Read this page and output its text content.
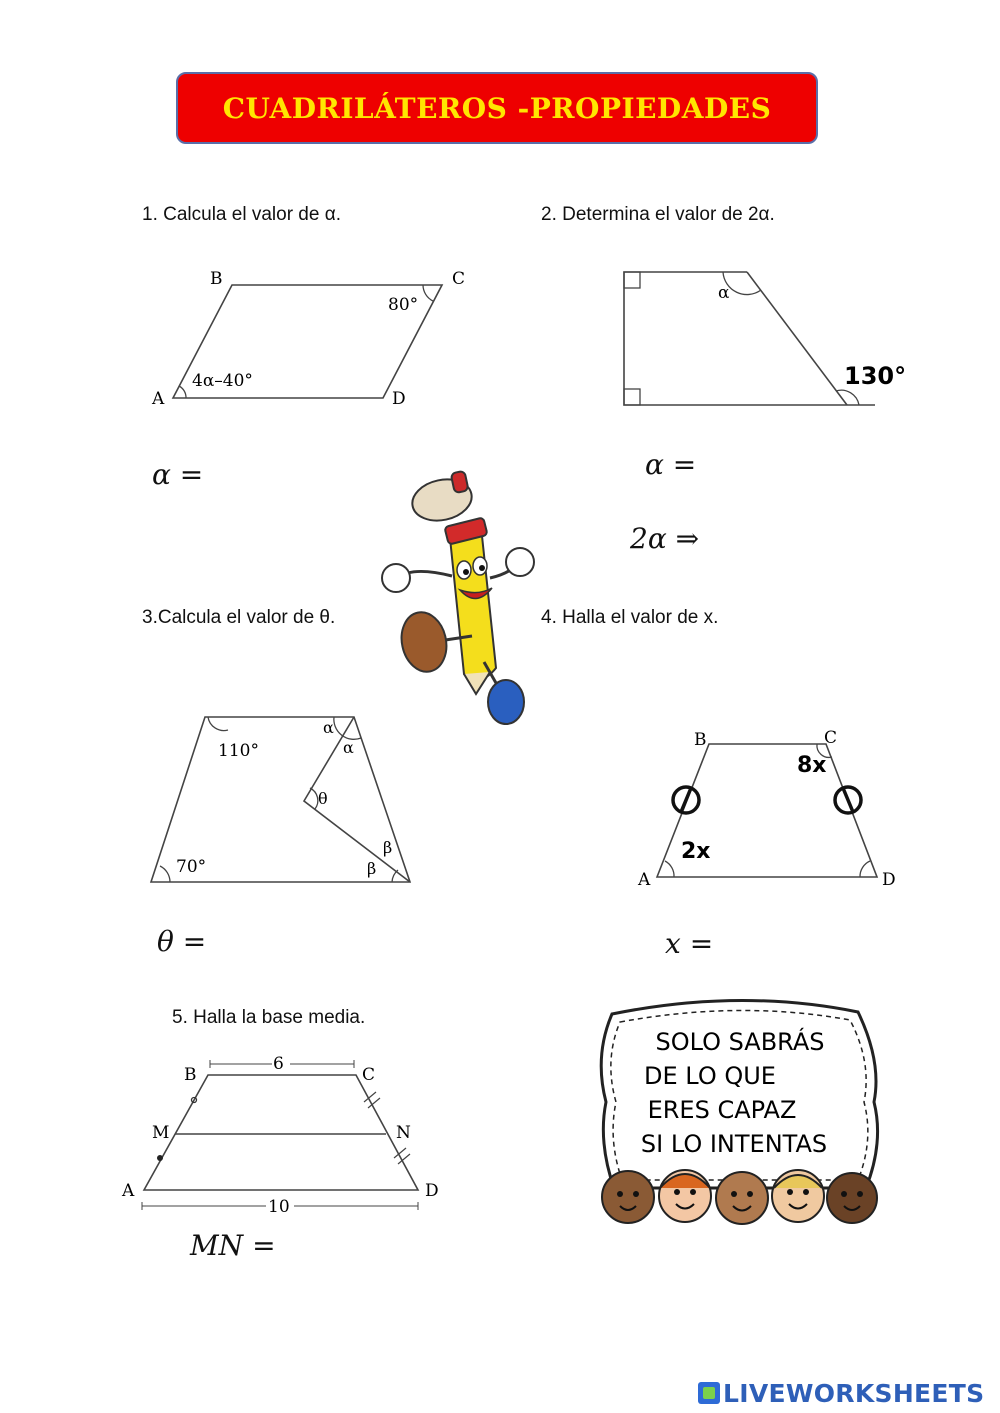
CUADRILÁTEROS -PROPIEDADES
1. Calcula el valor de α.
A
B	C
D
80°
4α–40°
α =
2. Determina el valor de 2α.
α
130°
α =
2α ⇒
3.Calcula el valor de θ.
110°
70°
α
α
θ
β
β
θ =
4. Halla el valor de x.
A
B	C
D
8x
2x
x =
5. Halla la base media.
6
10
A
B	C
D
M	N
MN =
SOLO SABRÁS
DE LO QUE
ERES CAPAZ
SI LO INTENTAS
LIVEWORKSHEETS
